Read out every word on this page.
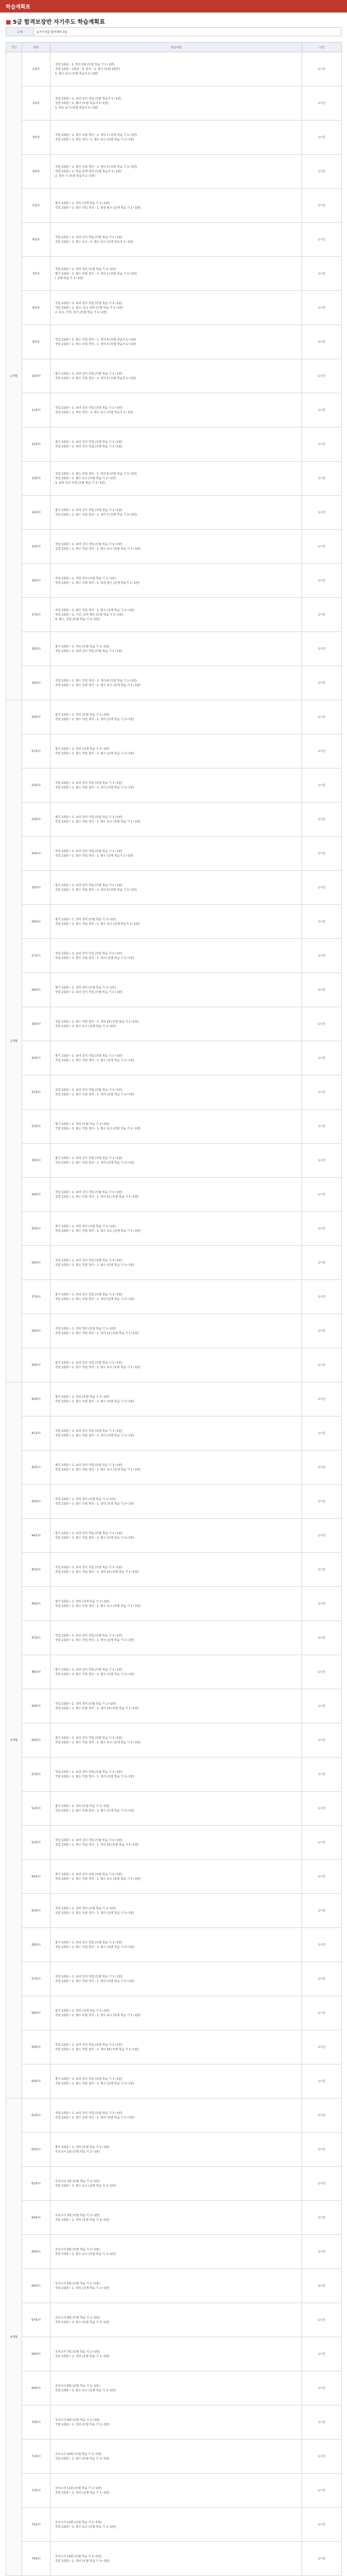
학습계획표
■ 5급 합격보장반 자기주도 학습계획표
교재	윤키아 5급 합격대비 3급
기간	회차	학습내용	시간
1개월	1회차	작업 1회분 - 1. 정리 1회 (모범 학습 기 1~1번)
작업 1회분~ 1회분 - 2. 읽어 - 1. 필수 (모범 1회부)
1. 필수 보고 (모범 학습지 1~1번)	1시간
	2회차	작업 1회분~ 1. 보라 강의 작업 (모범 학습지 1~1번)
작업 1회분~ 1. 풀이 (모범 학습지 1~1번)
1. 파트 보기 (모범 학습지 1~1번)	1시간
	3회차	작업 1회분~ 1. 필수 모범 정리 - 1. 정리 1 (실제 학습 기 1~1번)
작업 1회분~ 1. 파트 정리 - 1. 필수 보고 (모범 학습 기 1~1번)	1시간
	4회차	작업 1회분~ 1. 필수 모범 정리 - 1. 정리 3 (모범 학습 기 1~1번)
작업 1회분~ 1. 학습 단계 정리 (모범 학습지 1~1번)
2. 정리 수 (모범 학습지 1~1번)	1시간
	5회차	필기 1회분~ 1. 정리 (실제 학습 기 1~1번)
작업 1회분~ 1. 필수 작업 정리 - 1. 점검 필수 (실제 학습 기 1~1번)	1시간
	6회차	작업 1회분~ 1. 보라 강의 작업 (모범 학습 기 1~1번)
작업 1회분~ 1. 필수 보고 - 1. 필수 보고 (실제 학습지 1~1번)	1시간
	7회차	작업 1회분~ 1. 정리 정리 (모범 학습 기 1~1번)
필기 1회분~ 1. 필수 모범 정리 - 1. 정리 2 (모범 학습 기 1~1번)
( 실제 학습 기 1~1번)	1시간
	8회차	작업 1회분~ 1. 보라 강의 작업 (모범 학습 기 1~1번)
작업 1회분~ 1. 필수, 보고 정리 (모범 학습 기 1~1번)
2. 보고, 미리, 복기 (모범 학습 기 1~1번)	1시간
	9회차	작업 1회분~ 1. 필수 작업 정리 - 1. 정리 4 (모범 학습지 1~1번)
작업 1회분~ 1. 필수 모범 정리 - 1. 정리 3 (모범 학습지 1~1번)	1시간
	10회차	필기 1회분~ 1. 보라 강의 작업 (모범 학습 기 1~1번)
작업 1회분~ 1. 필수 작업 정리 - 1. 정리 5 (모범 학습지 1~1번)	1시간
	11회차	작업 1회분~ 1. 보라 강의 작업 (모범 학습 기 1~1번)
작업 1회분~ 1. 파트 정리 - 1. 필수 보고 (모범 학습지 1~1번)	1시간
	12회차	필기 1회분~ 1. 보라 강의 작업 (모범 학습 기 1~1번)
작업 1회분~ 1. 보라 강의 작업 (모범 학습 기 1~1번)	1시간
	13회차	작업 1회분~ 1. 필수 모범 정리 - 1. 정리 6 (모범 학습 기 1~1번)
작업 1회분~ 1. 필수 보고 (모범 학습 기 1~1번)
3. 보라 강의 작업 (모범 학습 기 1~1번)	1시간
	14회차	필기 1회분~ 1. 보라 강의 작업 (모범 학습 기 1~1번)
작업 1회분~ 1. 필수 작업 정리 - 1. 정리 7 (모범 학습 기 1~1번)	1시간
	15회차	작업 1회분~ 1. 보라 강의 작업 (모범 학습 기 1~1번)
작업 1회분~ 1. 필수 작업 정리 - 1. 필수 보고 (모범 학습 기 1~1번)	1시간
	16회차	작업 1회분~ 1. 정리 정리 (모범 학습 기 1~1번)
작업 1회분~ 1. 필수 모범 정리 - 1. 점검 필수 (실제 학습지 1~1번)	1시간
	17회차	작업 1회분~ 1. 필수 작업 정리 - 1. 필수 (실제 학습 기 1~1번)
작업 1회분~ 1. 시간, 보라 계산 (모범 학습 기 1~1번)
4. 필드, 강점 (모범 학습 기 1~1번)	1시간
	18회차	필기 1회분~ 1. 정리 (모범 학습 기 1~1번)
작업 1회분~ 1. 보라 강의 작업 (모범 학습 기 1~1번)	1시간
	19회차	작업 1회분~ 1. 필수 작업 정리 - 1. 정리 8 (모범 학습 기 1~1번)
작업 1회분~ 1. 필수 모범 정리 - 1. 필수 보고 (실제 학습 기 1~1번)	1시간
2개월	20회차	필기 1회분~ 1. 정리 (모범 학습 기 1~1번)
작업 1회분~ 1. 필수 작업 정리 - 1. 정리 (실제 학습 기 1~1번)	1시간
	21회차	필기 1회분~ 1. 정리 (실제 학습 기 1~1번)
작업 1회분~ 1. 필수 작업 정리 - 1. 필수 (실제 학습 기 1~1번)	1시간
	22회차	작업 1회분~ 1. 보라 강의 작업 (모범 학습 기 1~1번)
작업 1회분~ 1. 필수 작업 정리 - 1. 정리 (모범 학습 기 1~1번)	1시간
	23회차	필기 1회분~ 1. 보라 강의 작업 (모범 학습 기 1~1번)
작업 1회분~ 1. 필수 작업 정리 - 1. 필수 보고 (모범 학습 기 1~1번)	1시간
	24회차	작업 1회분~ 1. 보라 강의 작업 (모범 학습 기 1~1번)
작업 1회분~ 1. 필수 작업 정리 - 1. 필수 (실제 학습지 1~1번)	1시간
	25회차	필기 1회분~ 1. 보라 강의 작업 (모범 학습 기 1~1번)
작업 1회분~ 1. 필수 작업 정리 - 1. 정리 9 (모범 학습 기 1~1번)	1시간
	26회차	필기 1회분~ 1. 정리 정리 (모범 학습 기 1~1번)
작업 1회분~ 1. 필수 작업 정리 - 1. 필수 보고 (실제 학습지 1~1번)	1시간
	27회차	작업 1회분~ 1. 보라 강의 작업 (모범 학습 기 1~1번)
작업 1회분~ 1. 필수 모범 정리 - 1. 정리 (실제 학습 기 1~1번)	1시간
	28회차	필기 1회분~ 1. 정리 정리 (모범 학습 기 1~1번)
작업 1회분~ 1. 보라 강의 작업 (모범 학습 기 1~1번)	1시간
	29회차	작업 1회분~ 1. 필수 작업 정리 - 1. 정리 10 (모범 학습 기 1~1번)
작업 1회분~ 1. 필수 보고 (실제 학습 기 1~1번)	1시간
	30회차	필기 1회분~ 1. 보라 강의 작업 (모범 학습 기 1~1번)
작업 1회분~ 1. 필수 작업 정리 - 1. 필수 (실제 학습 기 1~1번)	1시간
	31회차	작업 1회분~ 1. 보라 강의 작업 (모범 학습 기 1~1번)
작업 1회분~ 1. 필수 모범 정리 - 1. 정리 (모범 학습 기 1~1번)	1시간
	32회차	필기 1회분~ 1. 정리 (모범 학습 기 1~1번)
작업 1회분~ 1. 필수 작업 정리 - 1. 필수 보고 (모범 학습 기 1~1번)	1시간
	33회차	필기 1회분~ 1. 보라 강의 작업 (모범 학습 기 1~1번)
작업 1회분~ 1. 필수 작업 정리 - 1. 정리 (실제 학습 기 1~1번)	1시간
	34회차	작업 1회분~ 1. 보라 강의 작업 (모범 학습 기 1~1번)
작업 1회분~ 1. 필수 모범 정리 - 1. 정리 11 (모범 학습 기 1~1번)	1시간
	35회차	필기 1회분~ 1. 정리 정리 (모범 학습 기 1~1번)
작업 1회분~ 1. 필수 작업 정리 - 1. 필수 보고 (실제 학습 기 1~1번)	1시간
	36회차	작업 1회분~ 1. 보라 강의 작업 (모범 학습 기 1~1번)
작업 1회분~ 1. 필수 작업 정리 - 1. 필수 (모범 학습 기 1~1번)	1시간
	37회차	필기 1회분~ 1. 보라 강의 작업 (모범 학습 기 1~1번)
작업 1회분~ 1. 필수 모범 정리 - 1. 정리 (실제 학습 기 1~1번)	1시간
	38회차	작업 1회분~ 1. 정리 정리 (모범 학습 기 1~1번)
작업 1회분~ 1. 필수 작업 정리 - 1. 정리 12 (모범 학습 기 1~1번)	1시간
	39회차	필기 1회분~ 1. 보라 강의 작업 (모범 학습 기 1~1번)
작업 1회분~ 1. 필수 작업 정리 - 1. 필수 보고 (모범 학습 기 1~1번)	1시간
3개월	40회차	필기 1회분~ 1. 정리 (모범 학습 기 1~1번)
작업 1회분~ 1. 필수 모범 정리 - 1. 필수 (모범 학습 기 1~1번)	1시간
	41회차	작업 1회분~ 1. 보라 강의 작업 (모범 학습 기 1~1번)
작업 1회분~ 1. 필수 작업 정리 - 1. 정리 (모범 학습 기 1~1번)	1시간
	42회차	필기 1회분~ 1. 보라 강의 작업 (모범 학습 기 1~1번)
작업 1회분~ 1. 필수 작업 정리 - 1. 필수 보고 (실제 학습 기 1~1번)	1시간
	43회차	작업 1회분~ 1. 정리 정리 (모범 학습 기 1~1번)
작업 1회분~ 1. 필수 모범 정리 - 1. 정리 (모범 학습 기 1~1번)	1시간
	44회차	필기 1회분~ 1. 보라 강의 작업 (모범 학습 기 1~1번)
작업 1회분~ 1. 필수 작업 정리 - 1. 필수 (실제 학습 기 1~1번)	1시간
	45회차	작업 1회분~ 1. 보라 강의 작업 (모범 학습 기 1~1번)
작업 1회분~ 1. 필수 작업 정리 - 1. 정리 13 (모범 학습 기 1~1번)	1시간
	46회차	필기 1회분~ 1. 정리 (실제 학습 기 1~1번)
작업 1회분~ 1. 필수 모범 정리 - 1. 필수 보고 (모범 학습 기 1~1번)	1시간
	47회차	작업 1회분~ 1. 보라 강의 작업 (모범 학습 기 1~1번)
작업 1회분~ 1. 필수 작업 정리 - 1. 정리 (실제 학습 기 1~1번)	1시간
	48회차	필기 1회분~ 1. 보라 강의 작업 (모범 학습 기 1~1번)
작업 1회분~ 1. 필수 작업 정리 - 1. 필수 (모범 학습 기 1~1번)	1시간
	49회차	작업 1회분~ 1. 정리 정리 (모범 학습 기 1~1번)
작업 1회분~ 1. 필수 모범 정리 - 1. 정리 14 (모범 학습 기 1~1번)	1시간
	50회차	필기 1회분~ 1. 보라 강의 작업 (모범 학습 기 1~1번)
작업 1회분~ 1. 필수 작업 정리 - 1. 필수 보고 (실제 학습 기 1~1번)	1시간
	51회차	작업 1회분~ 1. 보라 강의 작업 (모범 학습 기 1~1번)
작업 1회분~ 1. 필수 작업 정리 - 1. 정리 (모범 학습 기 1~1번)	1시간
	52회차	필기 1회분~ 1. 정리 (모범 학습 기 1~1번)
작업 1회분~ 1. 필수 모범 정리 - 1. 필수 (실제 학습 기 1~1번)	1시간
	53회차	작업 1회분~ 1. 보라 강의 작업 (모범 학습 기 1~1번)
작업 1회분~ 1. 필수 작업 정리 - 1. 정리 15 (모범 학습 기 1~1번)	1시간
	54회차	필기 1회분~ 1. 보라 강의 작업 (모범 학습 기 1~1번)
작업 1회분~ 1. 필수 작업 정리 - 1. 필수 보고 (모범 학습 기 1~1번)	1시간
	55회차	작업 1회분~ 1. 정리 정리 (모범 학습 기 1~1번)
작업 1회분~ 1. 필수 모범 정리 - 1. 정리 (실제 학습 기 1~1번)	1시간
	56회차	필기 1회분~ 1. 보라 강의 작업 (모범 학습 기 1~1번)
작업 1회분~ 1. 필수 작업 정리 - 1. 필수 (모범 학습 기 1~1번)	1시간
	57회차	작업 1회분~ 1. 보라 강의 작업 (모범 학습 기 1~1번)
작업 1회분~ 1. 필수 작업 정리 - 1. 정리 (모범 학습 기 1~1번)	1시간
	58회차	필기 1회분~ 1. 정리 (실제 학습 기 1~1번)
작업 1회분~ 1. 필수 모범 정리 - 1. 필수 보고 (모범 학습 기 1~1번)	1시간
	59회차	작업 1회분~ 1. 보라 강의 작업 (모범 학습 기 1~1번)
작업 1회분~ 1. 필수 작업 정리 - 1. 정리 16 (모범 학습 기 1~1번)	1시간
	60회차	필기 1회분~ 1. 보라 강의 작업 (모범 학습 기 1~1번)
작업 1회분~ 1. 필수 작업 정리 - 1. 필수 (실제 학습 기 1~1번)	1시간
4개월	61회차	작업 1회분~ 1. 보라 강의 작업 (모범 학습 기 1~1번)
작업 1회분~ 1. 필수 모범 정리 - 1. 정리 (모범 학습 기 1~1번)	1시간
	62회차	필기 1회분~ 1. 정리 (모범 학습 기 1~1번)
모의고사 1회 (모범 학습 기 1~1번)	1시간
	63회차	모의고사 2회 (모범 학습 기 1~1번)
작업 1회분~ 1. 필수 보고 (실제 학습 기 1~1번)	1시간
	64회차	모의고사 3회 (모범 학습 기 1~1번)
작업 1회분~ 1. 정리 (모범 학습 기 1~1번)	1시간
	65회차	모의고사 4회 (모범 학습 기 1~1번)
작업 1회분~ 1. 필수 보고 (모범 학습 기 1~1번)	1시간
	66회차	모의고사 5회 (모범 학습 기 1~1번)
작업 1회분~ 1. 정리 (실제 학습 기 1~1번)	1시간
	67회차	모의고사 6회 (모범 학습 기 1~1번)
작업 1회분~ 1. 필수 (모범 학습 기 1~1번)	1시간
	68회차	모의고사 7회 (모범 학습 기 1~1번)
작업 1회분~ 1. 정리 (모범 학습 기 1~1번)	1시간
	69회차	모의고사 8회 (모범 학습 기 1~1번)
작업 1회분~ 1. 필수 보고 (실제 학습 기 1~1번)	1시간
	70회차	모의고사 9회 (모범 학습 기 1~1번)
작업 1회분~ 1. 정리 (모범 학습 기 1~1번)	1시간
	71회차	모의고사 10회 (모범 학습 기 1~1번)
작업 1회분~ 1. 필수 (모범 학습 기 1~1번)	1시간
	72회차	모의고사 11회 (모범 학습 기 1~1번)
작업 1회분~ 1. 정리 (실제 학습 기 1~1번)	1시간
	73회차	모의고사 12회 (모범 학습 기 1~1번)
작업 1회분~ 1. 필수 보고 (모범 학습 기 1~1번)	1시간
	74회차	모의고사 13회 (모범 학습 기 1~1번)
작업 1회분~ 1. 정리 (모범 학습 기 1~1번)	1시간
